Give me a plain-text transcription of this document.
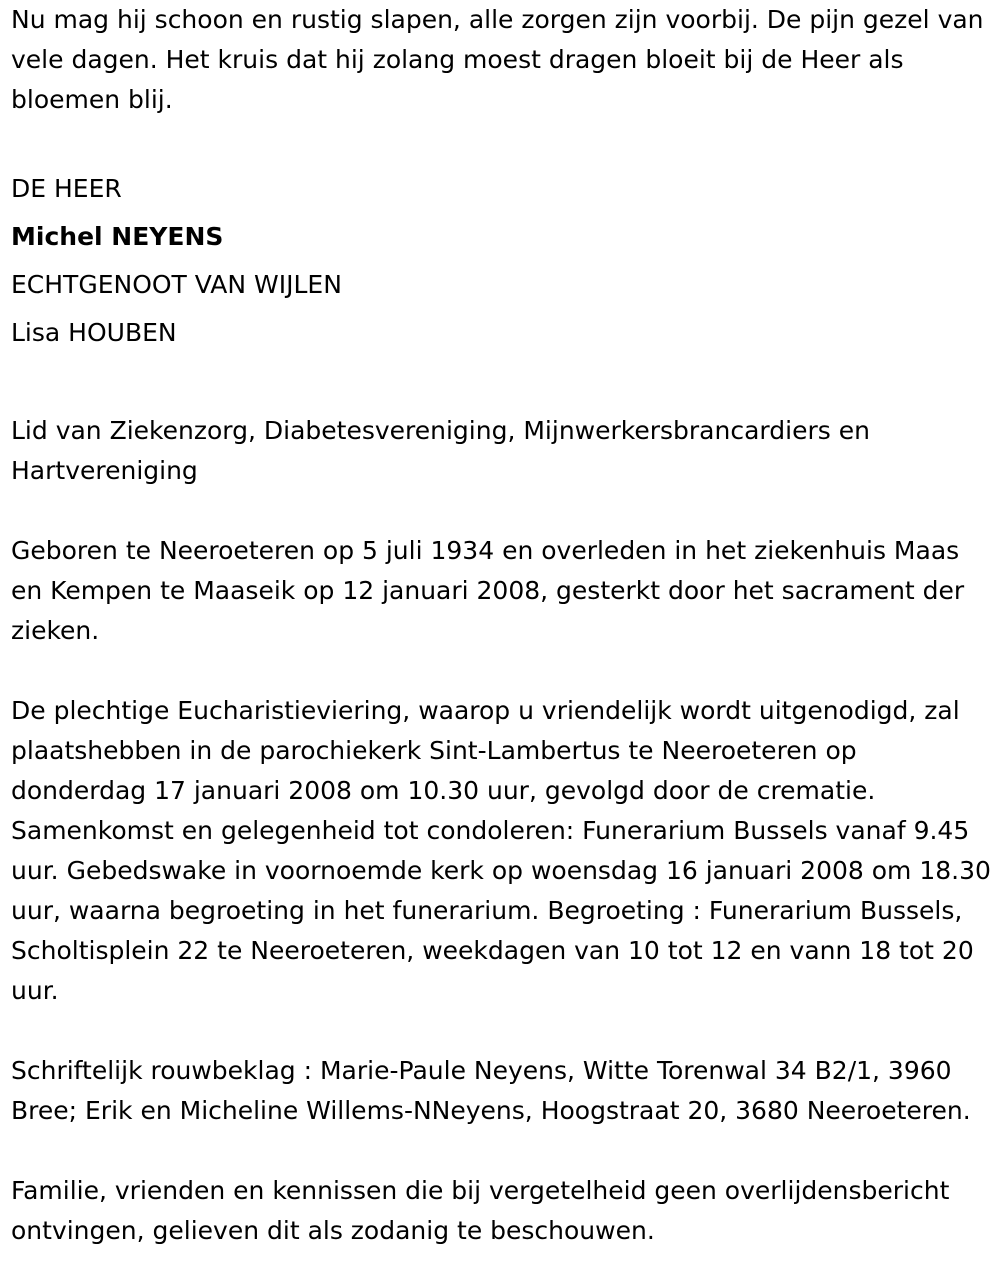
Nu mag hij schoon en rustig slapen, alle zorgen zijn voorbij. De pijn gezel van vele dagen. Het kruis dat hij zolang moest dragen bloeit bij de Heer als bloemen blij.

DE HEER

Michel NEYENS

ECHTGENOOT VAN WIJLEN

Lisa HOUBEN

Lid van Ziekenzorg, Diabetesvereniging, Mijnwerkersbrancardiers en Hartvereniging

Geboren te Neeroeteren op 5 juli 1934 en overleden in het ziekenhuis Maas en Kempen te Maaseik op 12 januari 2008, gesterkt door het sacrament der zieken.

De plechtige Eucharistieviering, waarop u vriendelijk wordt uitgenodigd, zal plaatshebben in de parochiekerk Sint-Lambertus te Neeroeteren op donderdag 17 januari 2008 om 10.30 uur, gevolgd door de crematie. Samenkomst en gelegenheid tot condoleren: Funerarium Bussels vanaf 9.45 uur. Gebedswake in voornoemde kerk op woensdag 16 januari 2008 om 18.30 uur, waarna begroeting in het funerarium. Begroeting : Funerarium Bussels, Scholtisplein 22 te Neeroeteren, weekdagen van 10 tot 12 en vann 18 tot 20 uur.

Schriftelijk rouwbeklag : Marie-Paule Neyens, Witte Torenwal 34 B2/1, 3960 Bree; Erik en Micheline Willems-NNeyens, Hoogstraat 20, 3680 Neeroeteren.

Familie, vrienden en kennissen die bij vergetelheid geen overlijdensbericht ontvingen, gelieven dit als zodanig te beschouwen.
